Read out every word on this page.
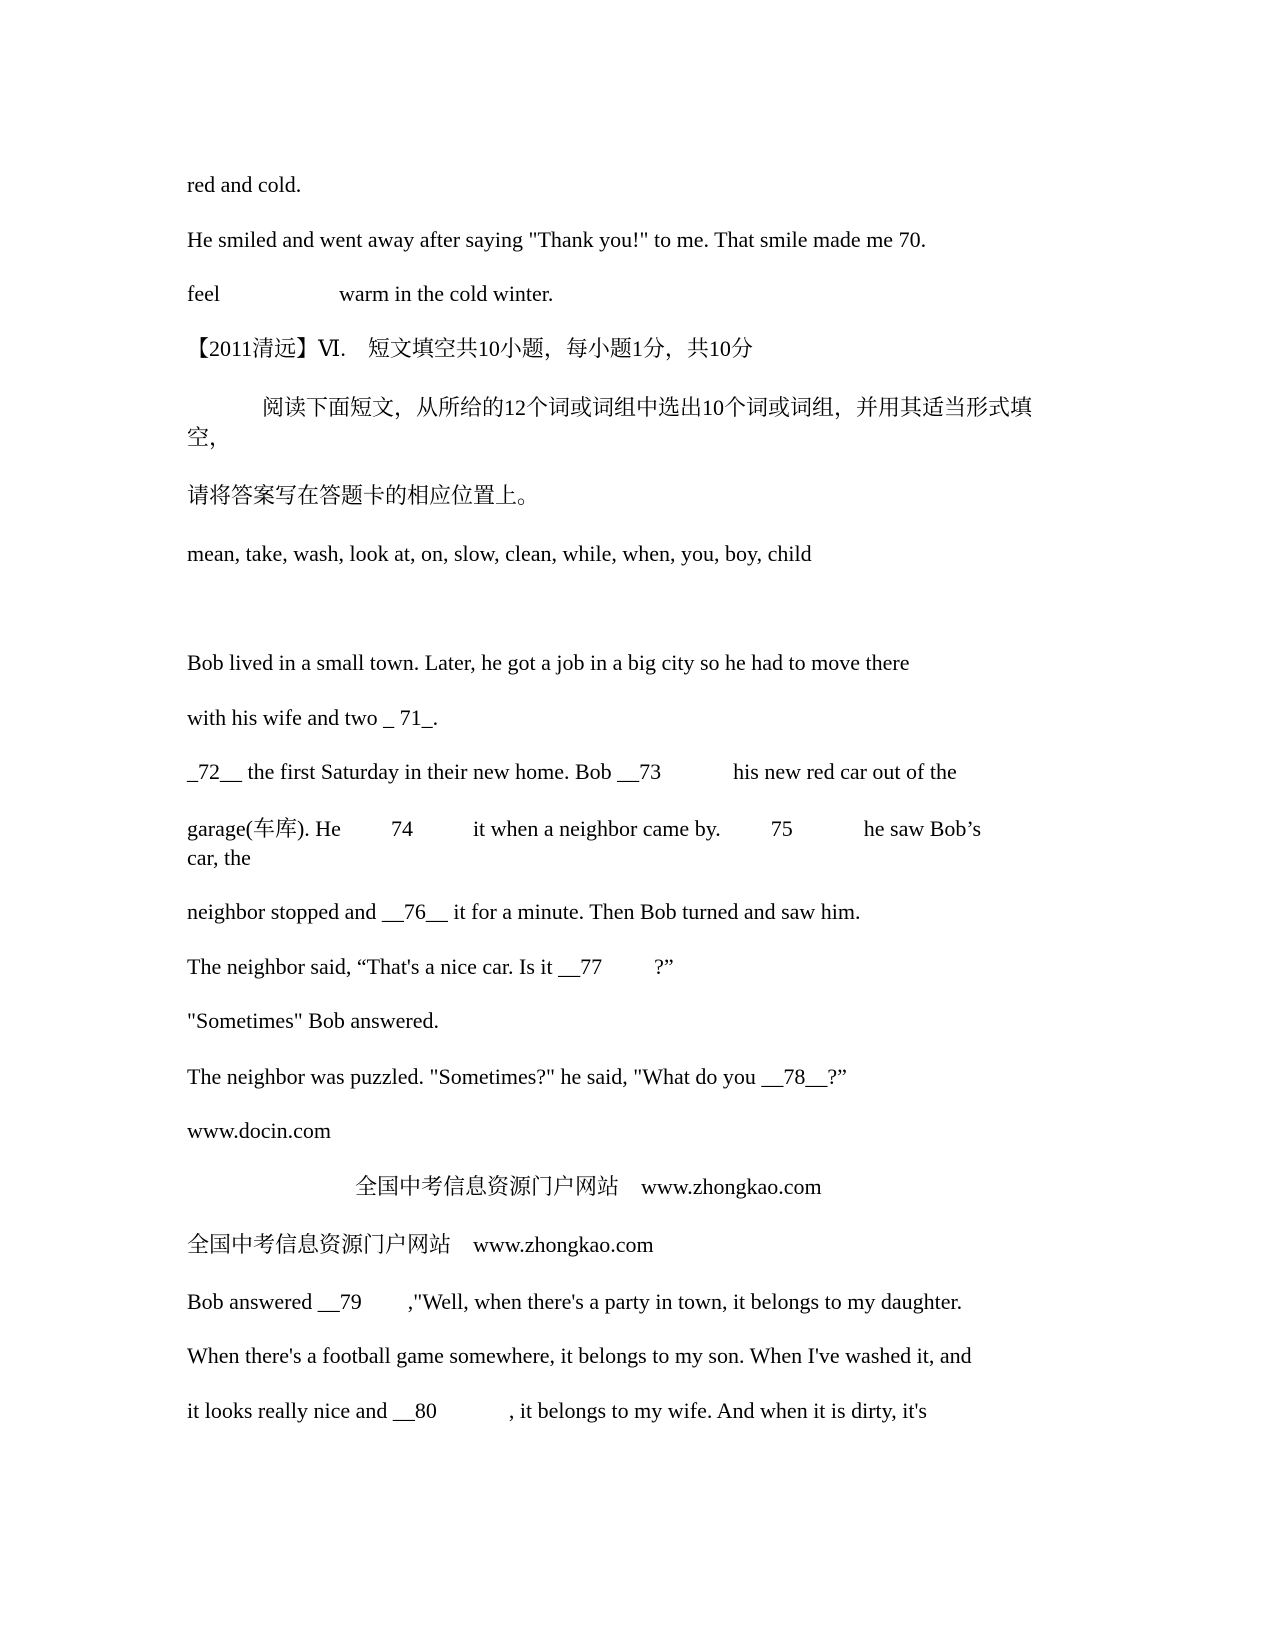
red and cold.
He smiled and went away after saying "Thank you!" to me. That smile made me 70.
feel	warm in the cold winter.
【2011清远】Ⅵ.　短文填空共10小题，每小题1分，共10分
阅读下面短文，从所给的12个词或词组中选出10个词或词组，并用其适当形式填空，
请将答案写在答题卡的相应位置上。
mean, take, wash, look at, on, slow, clean, while, when, you, boy, child
Bob lived in a small town. Later, he got a job in a big city so he had to move there
with his wife and two _ 71_.
_72__ the first Saturday in their new home. Bob __73	his new red car out of the
garage(车库). He 74	it when a neighbor came by. 75	he saw Bob’s
car, the
neighbor stopped and __76__ it for a minute. Then Bob turned and saw him.
The neighbor said, “That's a nice car. Is it __77 ?”
"Sometimes" Bob answered.
The neighbor was puzzled. "Sometimes?" he said, "What do you __78__?”
www.docin.com
全国中考信息资源门户网站　www.zhongkao.com
全国中考信息资源门户网站　www.zhongkao.com
Bob answered __79 ,"Well, when there's a party in town, it belongs to my daughter.
When there's a football game somewhere, it belongs to my son. When I've washed it, and
it looks really nice and __80	, it belongs to my wife. And when it is dirty, it's
